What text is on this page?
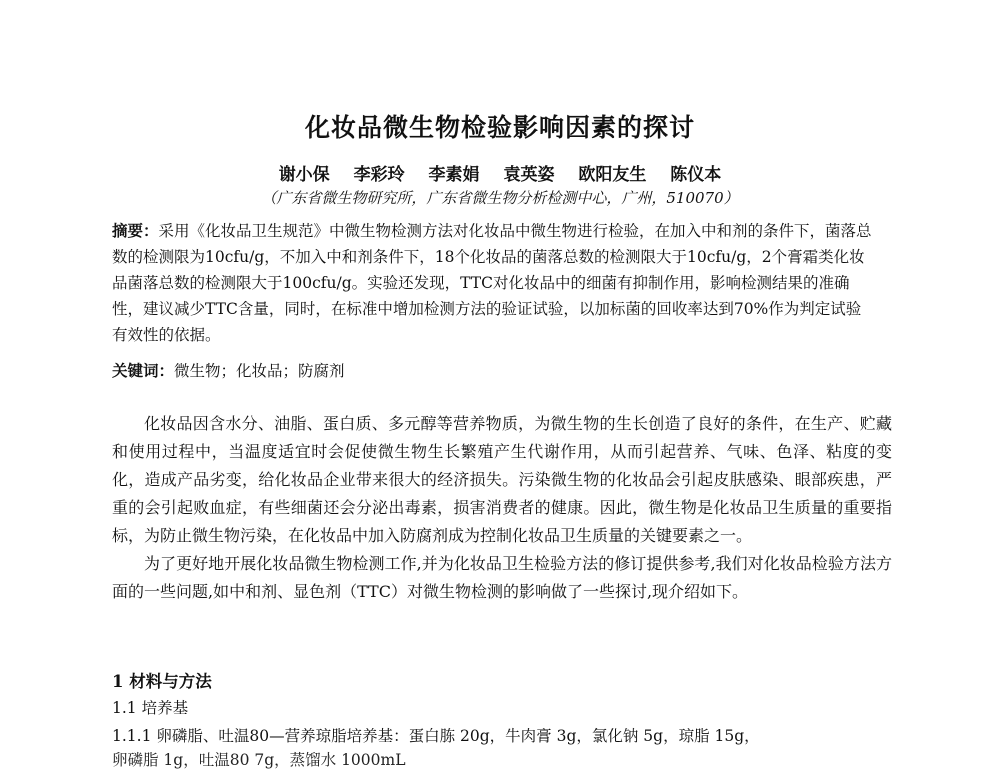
化妆品微生物检验影响因素的探讨
谢小保 李彩玲 李素娟 袁英姿 欧阳友生 陈仪本
（广东省微生物研究所，广东省微生物分析检测中心，广州，510070）
摘要：采用《化妆品卫生规范》中微生物检测方法对化妆品中微生物进行检验，在加入中和剂的条件下，菌落总数的检测限为10cfu/g，不加入中和剂条件下，18个化妆品的菌落总数的检测限大于10cfu/g，2个膏霜类化妆品菌落总数的检测限大于100cfu/g。实验还发现，TTC对化妆品中的细菌有抑制作用，影响检测结果的准确性，建议减少TTC含量，同时，在标准中增加检测方法的验证试验，以加标菌的回收率达到70%作为判定试验有效性的依据。
关键词：微生物；化妆品；防腐剂

化妆品因含水分、油脂、蛋白质、多元醇等营养物质，为微生物的生长创造了良好的条件，在生产、贮藏和使用过程中，当温度适宜时会促使微生物生长繁殖产生代谢作用，从而引起营养、气味、色泽、粘度的变化，造成产品劣变，给化妆品企业带来很大的经济损失。污染微生物的化妆品会引起皮肤感染、眼部疾患，严重的会引起败血症，有些细菌还会分泌出毒素，损害消费者的健康。因此，微生物是化妆品卫生质量的重要指标，为防止微生物污染，在化妆品中加入防腐剂成为控制化妆品卫生质量的关键要素之一。

为了更好地开展化妆品微生物检测工作,并为化妆品卫生检验方法的修订提供参考,我们对化妆品检验方法方面的一些问题,如中和剂、显色剂（TTC）对微生物检测的影响做了一些探讨,现介绍如下。

1 材料与方法
1.1 培养基
1.1.1 卵磷脂、吐温80—营养琼脂培养基：蛋白胨 20g，牛肉膏 3g，氯化钠 5g，琼脂 15g，
卵磷脂 1g，吐温80 7g，蒸馏水 1000mL
